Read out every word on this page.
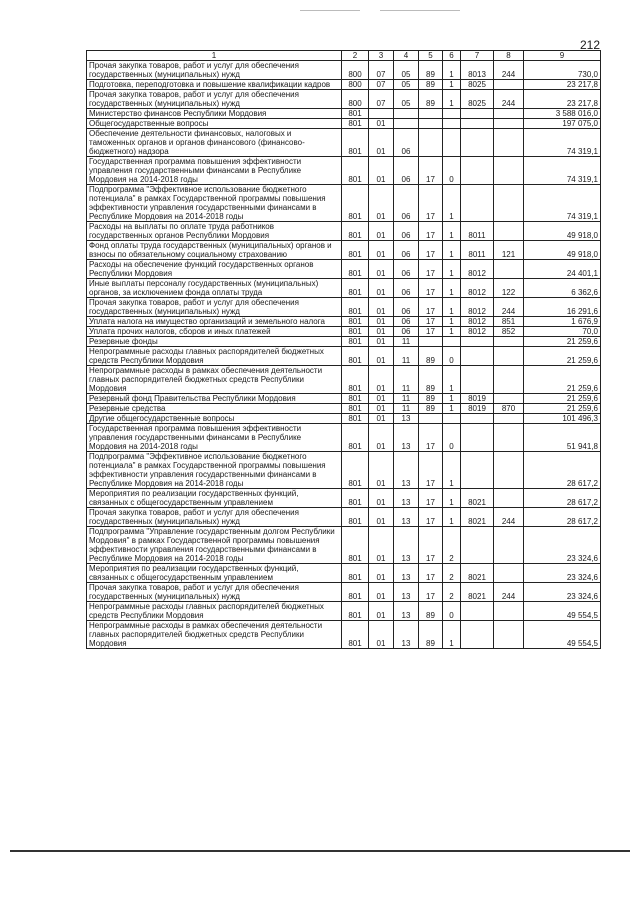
212
1	2	3	4	5	6	7	8	9
Прочая закупка товаров, работ и услуг для обеспечения государственных (муниципальных) нужд	800	07	05	89	1	8013	244	730,0
Подготовка, переподготовка и повышение квалификации кадров	800	07	05	89	1	8025		23 217,8
Прочая закупка товаров, работ и услуг для обеспечения государственных (муниципальных) нужд	800	07	05	89	1	8025	244	23 217,8
Министерство финансов Республики Мордовия	801							3 588 016,0
Общегосударственные вопросы	801	01						197 075,0
Обеспечение деятельности финансовых, налоговых и таможенных органов и органов финансового (финансово-бюджетного) надзора	801	01	06					74 319,1
Государственная программа повышения эффективности управления государственными финансами в Республике Мордовия на 2014-2018 годы	801	01	06	17	0			74 319,1
Подпрограмма "Эффективное использование бюджетного потенциала" в рамках Государственной программы повышения эффективности управления государственными финансами в Республике Мордовия на 2014-2018 годы	801	01	06	17	1			74 319,1
Расходы на выплаты по оплате труда работников государственных органов Республики Мордовия	801	01	06	17	1	8011		49 918,0
Фонд оплаты труда государственных (муниципальных) органов и взносы по обязательному социальному страхованию	801	01	06	17	1	8011	121	49 918,0
Расходы на обеспечение функций государственных органов Республики Мордовия	801	01	06	17	1	8012		24 401,1
Иные выплаты персоналу государственных (муниципальных) органов, за исключением фонда оплаты труда	801	01	06	17	1	8012	122	6 362,6
Прочая закупка товаров, работ и услуг для обеспечения государственных (муниципальных) нужд	801	01	06	17	1	8012	244	16 291,6
Уплата налога на имущество организаций и земельного налога	801	01	06	17	1	8012	851	1 676,9
Уплата прочих налогов, сборов и иных платежей	801	01	06	17	1	8012	852	70,0
Резервные фонды	801	01	11					21 259,6
Непрограммные расходы главных распорядителей бюджетных средств Республики Мордовия	801	01	11	89	0			21 259,6
Непрограммные расходы в рамках обеспечения деятельности главных распорядителей бюджетных средств Республики Мордовия	801	01	11	89	1			21 259,6
Резервный фонд Правительства Республики Мордовия	801	01	11	89	1	8019		21 259,6
Резервные средства	801	01	11	89	1	8019	870	21 259,6
Другие общегосударственные вопросы	801	01	13					101 496,3
Государственная программа повышения эффективности управления государственными финансами в Республике Мордовия на 2014-2018 годы	801	01	13	17	0			51 941,8
Подпрограмма "Эффективное использование бюджетного потенциала" в рамках Государственной программы повышения эффективности управления государственными финансами в Республике Мордовия на 2014-2018 годы	801	01	13	17	1			28 617,2
Мероприятия по реализации государственных функций, связанных с общегосударственным управлением	801	01	13	17	1	8021		28 617,2
Прочая закупка товаров, работ и услуг для обеспечения государственных (муниципальных) нужд	801	01	13	17	1	8021	244	28 617,2
Подпрограмма "Управление государственным долгом Республики Мордовия" в рамках Государственной программы повышения эффективности управления государственными финансами в Республике Мордовия на 2014-2018 годы	801	01	13	17	2			23 324,6
Мероприятия по реализации государственных функций, связанных с общегосударственным управлением	801	01	13	17	2	8021		23 324,6
Прочая закупка товаров, работ и услуг для обеспечения государственных (муниципальных) нужд	801	01	13	17	2	8021	244	23 324,6
Непрограммные расходы главных распорядителей бюджетных средств Республики Мордовия	801	01	13	89	0			49 554,5
Непрограммные расходы в рамках обеспечения деятельности главных распорядителей бюджетных средств Республики Мордовия	801	01	13	89	1			49 554,5
